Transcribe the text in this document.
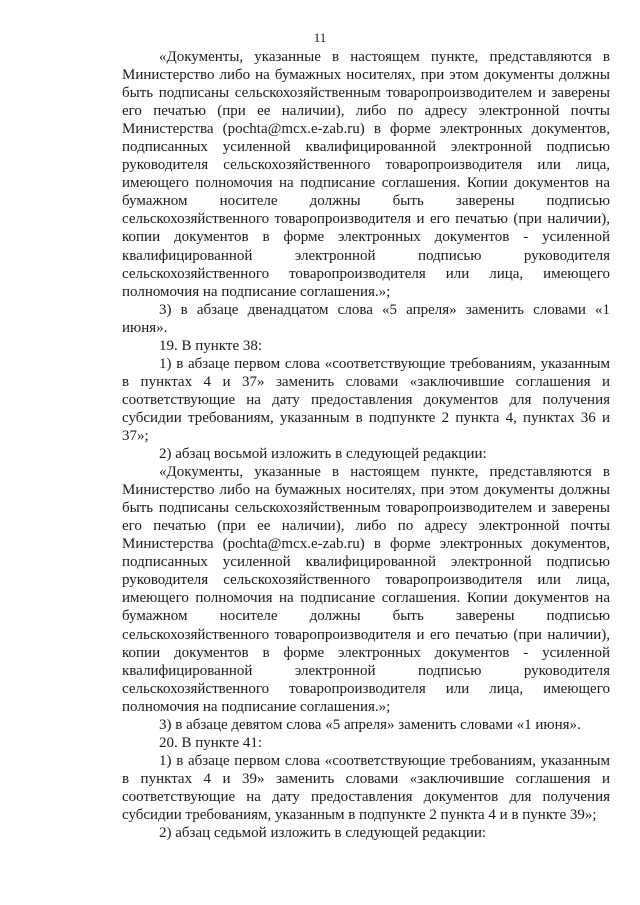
11

«Документы, указанные в настоящем пункте, представляются в Министерство либо на бумажных носителях, при этом документы должны быть подписаны сельскохозяйственным товаропроизводителем и заверены его печатью (при ее наличии), либо по адресу электронной почты Министерства (pochta@mcx.e-zab.ru) в форме электронных документов, подписанных усиленной квалифицированной электронной подписью руководителя сельскохозяйственного товаропроизводителя или лица, имеющего полномочия на подписание соглашения. Копии документов на бумажном носителе должны быть заверены подписью сельскохозяйственного товаропроизводителя и его печатью (при наличии), копии документов в форме электронных документов - усиленной квалифицированной электронной подписью руководителя сельскохозяйственного товаропроизводителя или лица, имеющего полномочия на подписание соглашения.»;

3) в абзаце двенадцатом слова «5 апреля» заменить словами «1 июня».

19. В пункте 38:

1) в абзаце первом слова «соответствующие требованиям, указанным в пунктах 4 и 37» заменить словами «заключившие соглашения и соответствующие на дату предоставления документов для получения субсидии требованиям, указанным в подпункте 2 пункта 4, пунктах 36 и 37»;

2) абзац восьмой изложить в следующей редакции:

«Документы, указанные в настоящем пункте, представляются в Министерство либо на бумажных носителях, при этом документы должны быть подписаны сельскохозяйственным товаропроизводителем и заверены его печатью (при ее наличии), либо по адресу электронной почты Министерства (pochta@mcx.e-zab.ru) в форме электронных документов, подписанных усиленной квалифицированной электронной подписью руководителя сельскохозяйственного товаропроизводителя или лица, имеющего полномочия на подписание соглашения. Копии документов на бумажном носителе должны быть заверены подписью сельскохозяйственного товаропроизводителя и его печатью (при наличии), копии документов в форме электронных документов - усиленной квалифицированной электронной подписью руководителя сельскохозяйственного товаропроизводителя или лица, имеющего полномочия на подписание соглашения.»;

3) в абзаце девятом слова «5 апреля» заменить словами «1 июня».

20. В пункте 41:

1) в абзаце первом слова «соответствующие требованиям, указанным в пунктах 4 и 39» заменить словами «заключившие соглашения и соответствующие на дату предоставления документов для получения субсидии требованиям, указанным в подпункте 2 пункта 4 и в пункте 39»;

2) абзац седьмой изложить в следующей редакции:
